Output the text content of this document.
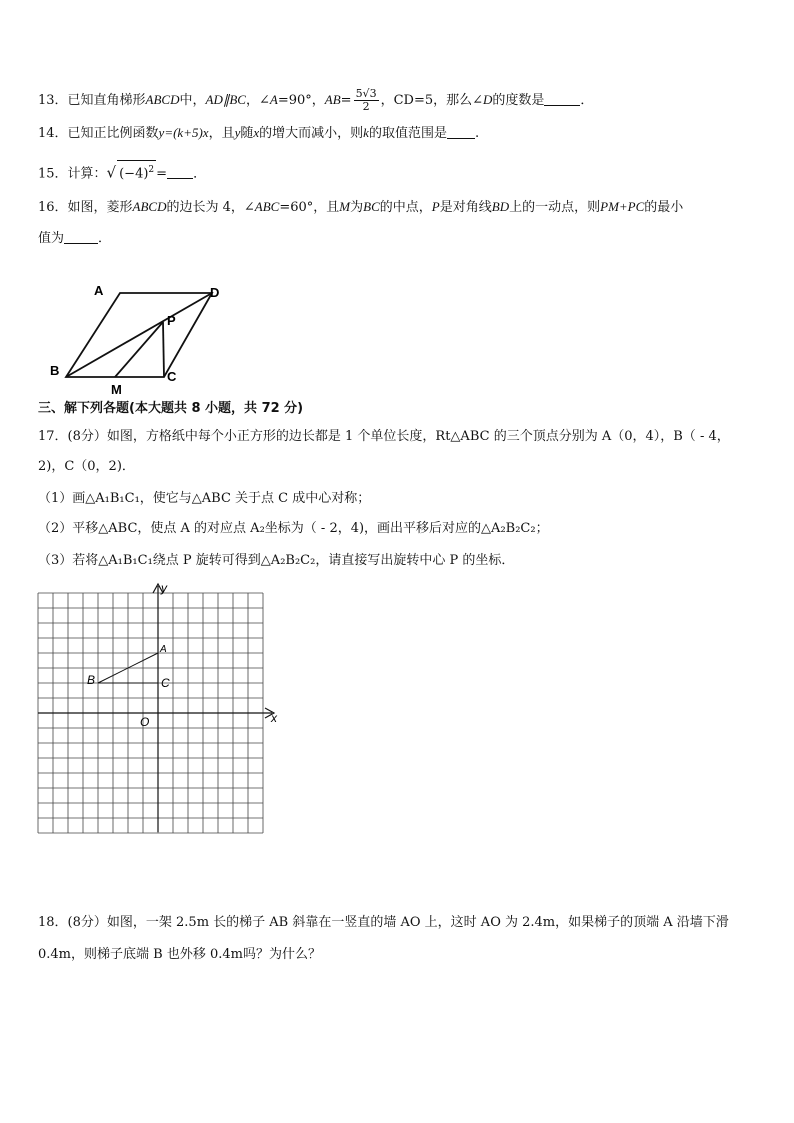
13．已知直角梯形ABCD中，AD∥BC，∠A=90°，$AB= \frac{5√3}{2}$ ，CD=5，那么∠D的度数是	．
14．已知正比例函数y=(k+5)x，且y随x的增大而减小，则k的取值范围是 .
15．计算：√ $(-4)^2$ = ．
16．如图，菱形ABCD的边长为 4，∠ABC=60°，且M为BC的中点，P是对角线BD上的一动点，则PM+PC的最小
值为	．
A	D
P
B	C
M
三、解下列各题(本大题共 8 小题，共 72 分)
17．(8分）如图，方格纸中每个小正方形的边长都是 1 个单位长度，Rt△ABC 的三个顶点分别为 A（0，4），B（ - 4，
2)，C（0，2)．
（1）画△A₁B₁C₁，使它与△ABC 关于点 C 成中心对称；
（2）平移△ABC，使点 A 的对应点 A₂坐标为（ - 2，4)，画出平移后对应的△A₂B₂C₂；
（3）若将△A₁B₁C₁绕点 P 旋转可得到△A₂B₂C₂，请直接写出旋转中心 P 的坐标．
x
y
O
A
B	C
18．(8分）如图，一架 2.5m 长的梯子 AB 斜靠在一竖直的墙 AO 上，这时 AO 为 2.4m，如果梯子的顶端 A 沿墙下滑
0.4m，则梯子底端 B 也外移 0.4m吗？为什么？
